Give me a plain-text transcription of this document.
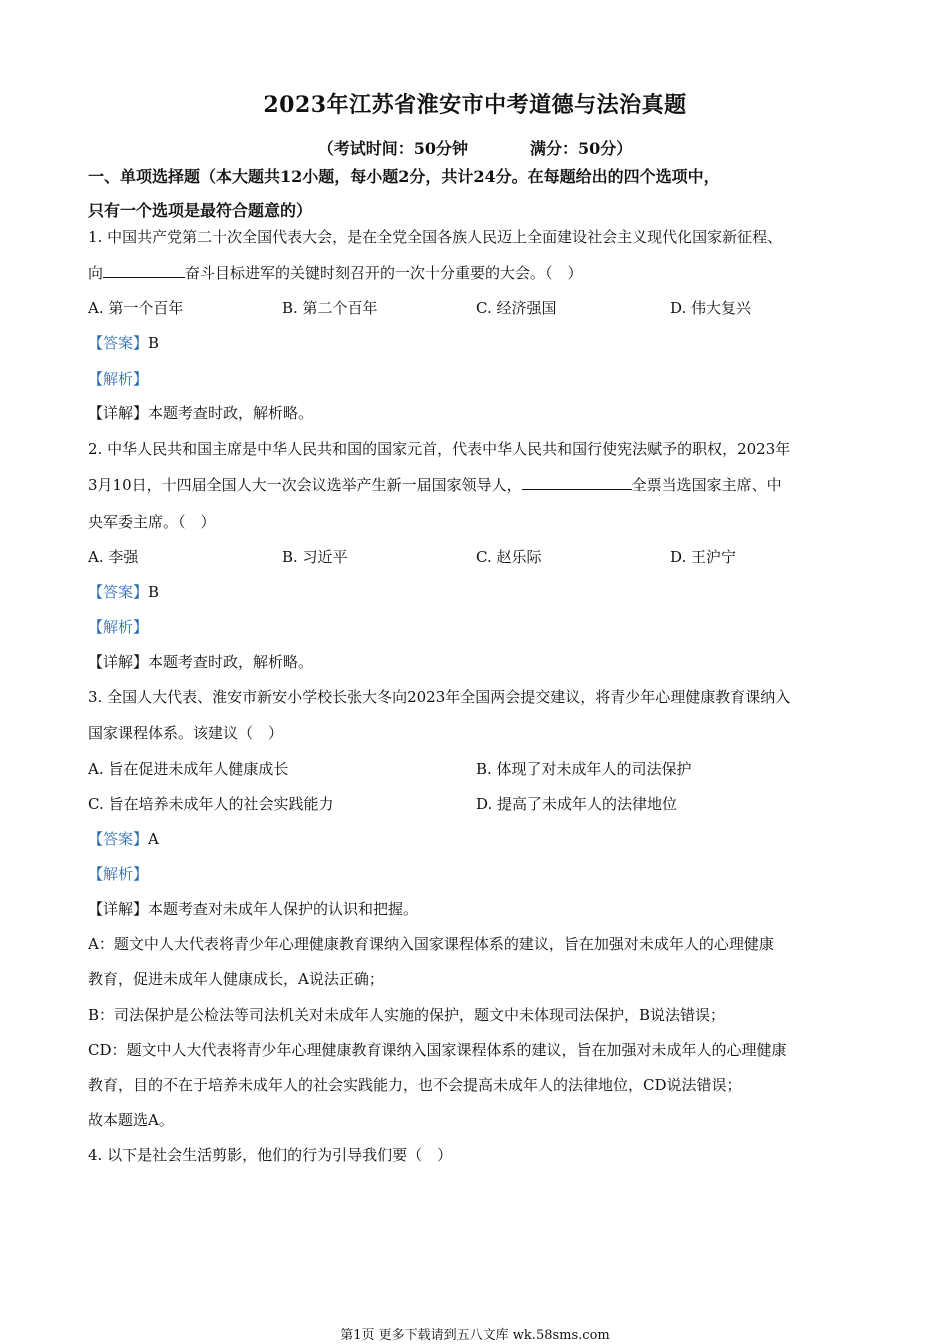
2023年江苏省淮安市中考道德与法治真题
（考试时间：50分钟	满分：50分）
一、单项选择题（本大题共12小题，每小题2分，共计24分。在每题给出的四个选项中，
只有一个选项是最符合题意的）
1. 中国共产党第二十次全国代表大会，是在全党全国各族人民迈上全面建设社会主义现代化国家新征程、
向	奋斗目标进军的关键时刻召开的一次十分重要的大会。（　）
A. 第一个百年	B. 第二个百年	C. 经济强国	D. 伟大复兴
【答案】B
【解析】
【详解】本题考查时政，解析略。
2. 中华人民共和国主席是中华人民共和国的国家元首，代表中华人民共和国行使宪法赋予的职权，2023年
3月10日，十四届全国人大一次会议选举产生新一届国家领导人，	全票当选国家主席、中
央军委主席。（　）
A. 李强	B. 习近平	C. 赵乐际	D. 王沪宁
【答案】B
【解析】
【详解】本题考查时政，解析略。
3. 全国人大代表、淮安市新安小学校长张大冬向2023年全国两会提交建议，将青少年心理健康教育课纳入
国家课程体系。该建议（　）
A. 旨在促进未成年人健康成长	B. 体现了对未成年人的司法保护
C. 旨在培养未成年人的社会实践能力	D. 提高了未成年人的法律地位
【答案】A
【解析】
【详解】本题考查对未成年人保护的认识和把握。
A：题文中人大代表将青少年心理健康教育课纳入国家课程体系的建议，旨在加强对未成年人的心理健康
教育，促进未成年人健康成长，A说法正确；
B：司法保护是公检法等司法机关对未成年人实施的保护，题文中未体现司法保护，B说法错误；
CD：题文中人大代表将青少年心理健康教育课纳入国家课程体系的建议，旨在加强对未成年人的心理健康
教育，目的不在于培养未成年人的社会实践能力，也不会提高未成年人的法律地位，CD说法错误；
故本题选A。
4. 以下是社会生活剪影，他们的行为引导我们要（　）
第1页 更多下载请到五八文库 wk.58sms.com
